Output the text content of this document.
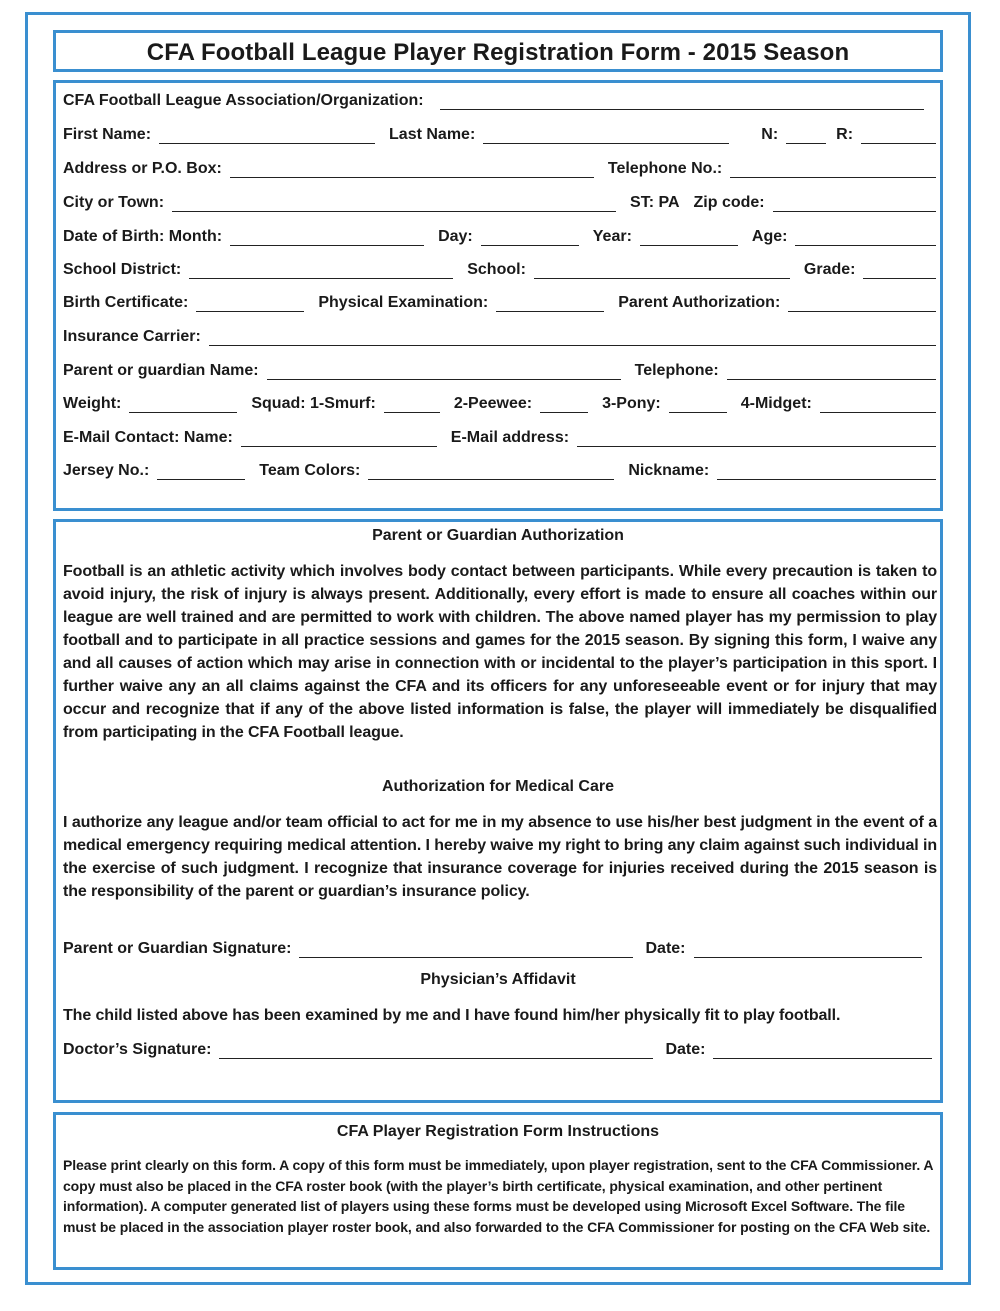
CFA Football League Player Registration Form - 2015 Season
CFA Football League Association/Organization:
First Name:	Last Name:	N:	R:
Address or P.O. Box:	Telephone No.:
City or Town:	ST: PA Zip code:
Date of Birth: Month:	Day:	Year:	Age:
School District:	School:	Grade:
Birth Certificate:	Physical Examination:	Parent Authorization:
Insurance Carrier:
Parent or guardian Name:	Telephone:
Weight:	Squad: 1-Smurf:	2-Peewee:	3-Pony:	4-Midget:
E-Mail Contact: Name:	E-Mail address:
Jersey No.:	Team Colors:	Nickname:
Parent or Guardian Authorization
Football is an athletic activity which involves body contact between participants. While every precaution is taken to avoid injury, the risk of injury is always present. Additionally, every effort is made to ensure all coaches within our league are well trained and are permitted to work with children. The above named player has my permission to play football and to participate in all practice sessions and games for the 2015 season. By signing this form, I waive any and all causes of action which may arise in connection with or incidental to the player’s participation in this sport. I further waive any an all claims against the CFA and its officers for any unforeseeable event or for injury that may occur and recognize that if any of the above listed information is false, the player will immediately be disqualified from participating in the CFA Football league.
Authorization for Medical Care
I authorize any league and/or team official to act for me in my absence to use his/her best judgment in the event of a medical emergency requiring medical attention. I hereby waive my right to bring any claim against such individual in the exercise of such judgment. I recognize that insurance coverage for injuries received during the 2015 season is the responsibility of the parent or guardian’s insurance policy.
Parent or Guardian Signature:	Date:
Physician’s Affidavit
The child listed above has been examined by me and I have found him/her physically fit to play football.
Doctor’s Signature:	Date:
CFA Player Registration Form Instructions
Please print clearly on this form. A copy of this form must be immediately, upon player registration, sent to the CFA Commissioner. A copy must also be placed in the CFA roster book (with the player’s birth certificate, physical examination, and other pertinent information). A computer generated list of players using these forms must be developed using Microsoft Excel Software. The file must be placed in the association player roster book, and also forwarded to the CFA Commissioner for posting on the CFA Web site.
